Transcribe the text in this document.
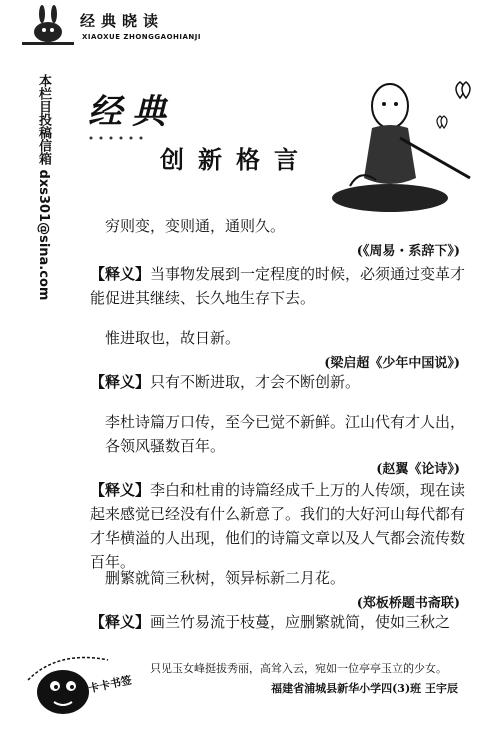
经典晓读
XIAOXUE ZHONGGAOHIANJI
本栏目投稿信箱 dxs301@sina.com 经典
创新格言
穷则变，变则通，通则久。
(《周易・系辞下》)
【释义】当事物发展到一定程度的时候，必须通过变革才能促进其继续、长久地生存下去。
惟进取也，故日新。
(梁启超《少年中国说》)
【释义】只有不断进取，才会不断创新。
李杜诗篇万口传，至今已觉不新鲜。江山代有才人出，各领风骚数百年。
(赵翼《论诗》)
【释义】李白和杜甫的诗篇经成千上万的人传颂，现在读起来感觉已经没有什么新意了。我们的大好河山每代都有才华横溢的人出现，他们的诗篇文章以及人气都会流传数百年。
删繁就简三秋树，领异标新二月花。
(郑板桥题书斋联)
【释义】画兰竹易流于枝蔓，应删繁就简，使如三秋之
卡卡书签
只见玉女峰挺拔秀丽，高耸入云，宛如一位亭亭玉立的少女。
福建省浦城县新华小学四(3)班 王宇辰
